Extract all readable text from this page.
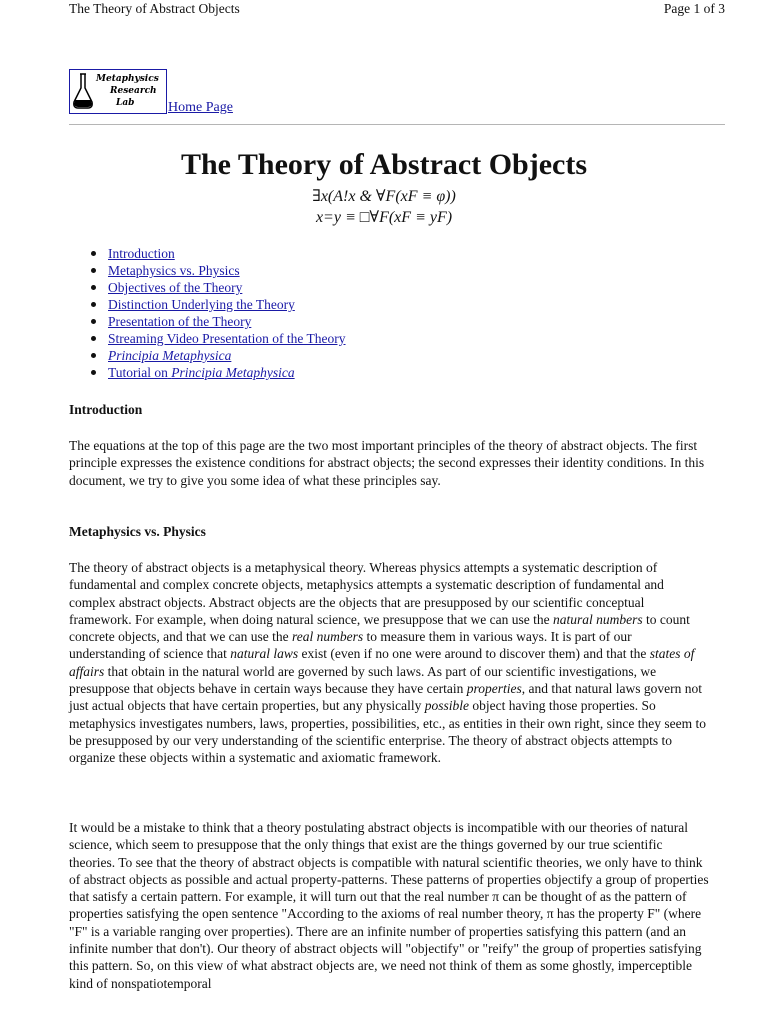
The Theory of Abstract Objects	Page 1 of 3
Metaphysics
Research
Lab	Home Page
The Theory of Abstract Objects
∃x(A!x & ∀F(xF ≡ φ))
x=y ≡ □∀F(xF ≡ yF)
Introduction
Metaphysics vs. Physics
Objectives of the Theory
Distinction Underlying the Theory
Presentation of the Theory
Streaming Video Presentation of the Theory
Principia Metaphysica
Tutorial on Principia Metaphysica
Introduction

The equations at the top of this page are the two most important principles of the theory of abstract objects. The first principle expresses the existence conditions for abstract objects; the second expresses their identity conditions. In this document, we try to give you some idea of what these principles say.

Metaphysics vs. Physics

The theory of abstract objects is a metaphysical theory. Whereas physics attempts a systematic description of fundamental and complex concrete objects, metaphysics attempts a systematic description of fundamental and complex abstract objects. Abstract objects are the objects that are presupposed by our scientific conceptual framework. For example, when doing natural science, we presuppose that we can use the natural numbers to count concrete objects, and that we can use the real numbers to measure them in various ways. It is part of our understanding of science that natural laws exist (even if no one were around to discover them) and that the states of affairs that obtain in the natural world are governed by such laws. As part of our scientific investigations, we presuppose that objects behave in certain ways because they have certain properties, and that natural laws govern not just actual objects that have certain properties, but any physically possible object having those properties. So metaphysics investigates numbers, laws, properties, possibilities, etc., as entities in their own right, since they seem to be presupposed by our very understanding of the scientific enterprise. The theory of abstract objects attempts to organize these objects within a systematic and axiomatic framework.

It would be a mistake to think that a theory postulating abstract objects is incompatible with our theories of natural science, which seem to presuppose that the only things that exist are the things governed by our true scientific theories. To see that the theory of abstract objects is compatible with natural scientific theories, we only have to think of abstract objects as possible and actual property-patterns. These patterns of properties objectify a group of properties that satisfy a certain pattern. For example, it will turn out that the real number π can be thought of as the pattern of properties satisfying the open sentence "According to the axioms of real number theory, π has the property F" (where "F" is a variable ranging over properties). There are an infinite number of properties satisfying this pattern (and an infinite number that don't). Our theory of abstract objects will "objectify" or "reify" the group of properties satisfying this pattern. So, on this view of what abstract objects are, we need not think of them as some ghostly, imperceptible kind of nonspatiotemporal
